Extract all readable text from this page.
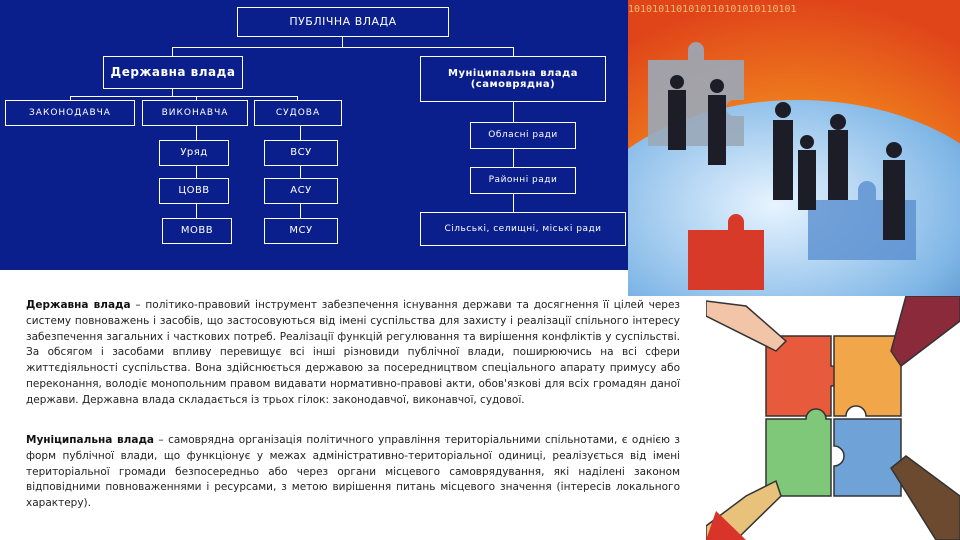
ПУБЛІЧНА ВЛАДА
Державна влада	Муніципальна влада (самоврядна)
ЗАКОНОДАВЧА	ВИКОНАВЧА	СУДОВА
Уряд
ЦОВВ
МОВВ
ВСУ
АСУ
МСУ
Обласні ради
Районні ради
Сільські, селищні, міські ради
1010101101010110101010110101
Державна влада – політико-правовий інструмент забезпечення існування держави та досягнення її цілей через систему повноважень і засобів, що застосовуються від імені суспільства для захисту і реалізації спільного інтересу забезпечення загальних і часткових потреб. Реалізації функцій регулювання та вирішення конфліктів у суспільстві. За обсягом і засобами впливу перевищує всі інші різновиди публічної влади, поширюючись на всі сфери життєдіяльності суспільства. Вона здійснюється державою за посередництвом спеціального апарату примусу або переконання, володіє монопольним правом видавати нормативно-правові акти, обов'язкові для всіх громадян даної держави. Державна влада складається із трьох гілок: законодавчої, виконавчої, судової.
Муніципальна влада – самоврядна організація політичного управління територіальними спільнотами, є однією з форм публічної влади, що функціонує у межах адміністративно-територіальної одиниці, реалізується від імені територіальної громади безпосередньо або через органи місцевого самоврядування, які наділені законом відповідними повноваженнями і ресурсами, з метою вирішення питань місцевого значення (інтересів локального характеру).
